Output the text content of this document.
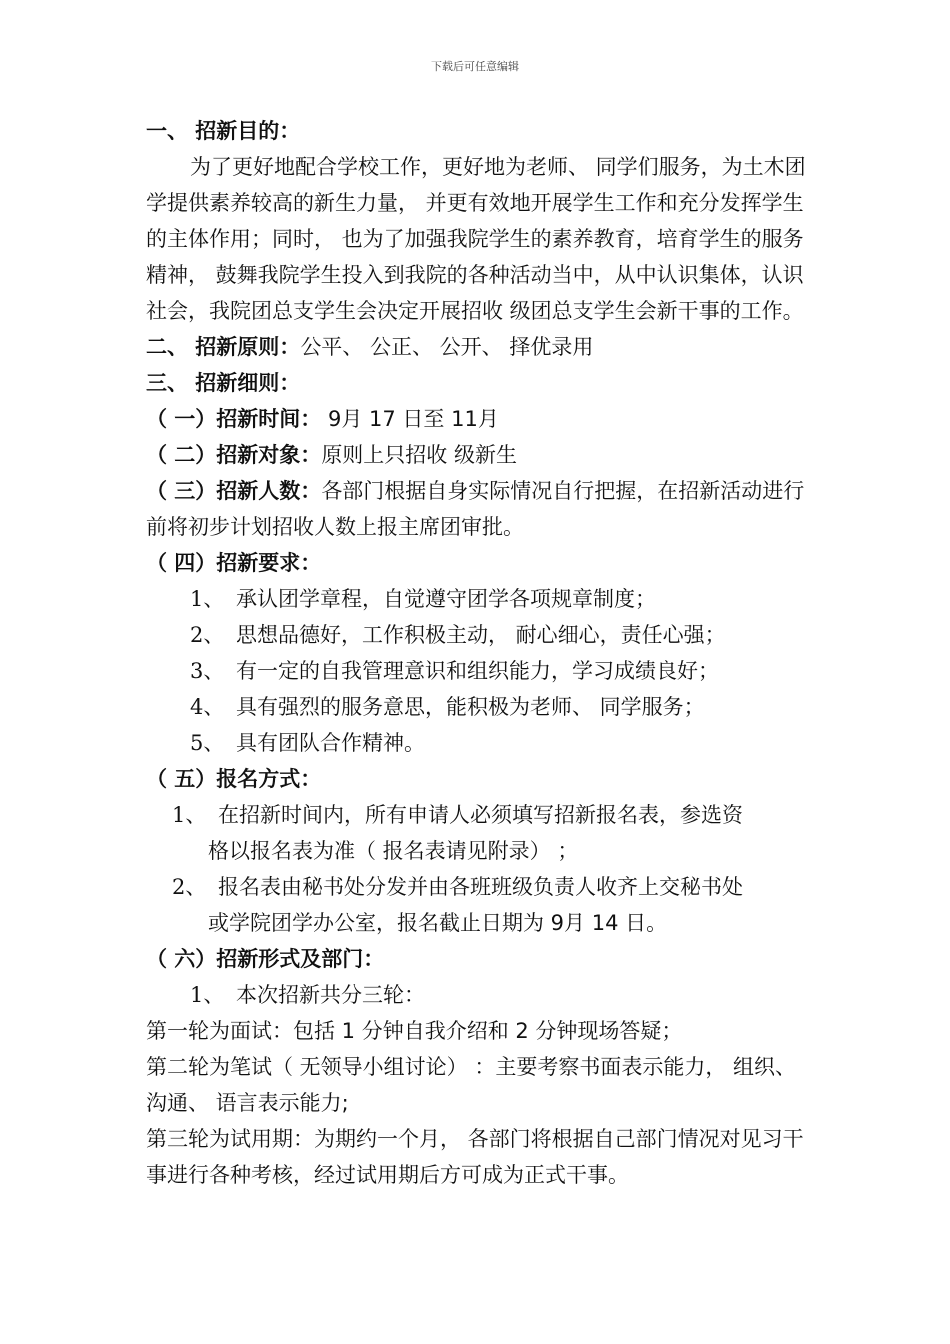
下载后可任意编辑

一、 招新目的：

为了更好地配合学校工作，更好地为老师、 同学们服务，为土木团学提供素养较高的新生力量， 并更有效地开展学生工作和充分发挥学生的主体作用；同时， 也为了加强我院学生的素养教育，培育学生的服务精神， 鼓舞我院学生投入到我院的各种活动当中，从中认识集体，认识社会，我院团总支学生会决定开展招收 级团总支学生会新干事的工作。

二、 招新原则：公平、 公正、 公开、 择优录用

三、 招新细则：

（ 一）招新时间： 9月 17 日至 11月

（ 二）招新对象：原则上只招收 级新生

（ 三）招新人数：各部门根据自身实际情况自行把握，在招新活动进行前将初步计划招收人数上报主席团审批。

（ 四）招新要求：

1、 承认团学章程，自觉遵守团学各项规章制度；

2、 思想品德好，工作积极主动， 耐心细心，责任心强；

3、 有一定的自我管理意识和组织能力，学习成绩良好；

4、 具有强烈的服务意思，能积极为老师、 同学服务；

5、 具有团队合作精神。

（ 五）报名方式：

1、 在招新时间内，所有申请人必须填写招新报名表，参选资

格以报名表为准（ 报名表请见附录） ；

2、 报名表由秘书处分发并由各班班级负责人收齐上交秘书处

或学院团学办公室，报名截止日期为 9月 14 日。

（ 六）招新形式及部门：

1、 本次招新共分三轮：

第一轮为面试：包括 1 分钟自我介绍和 2 分钟现场答疑；

第二轮为笔试（ 无领导小组讨论） ：主要考察书面表示能力， 组织、 沟通、 语言表示能力;

第三轮为试用期：为期约一个月， 各部门将根据自己部门情况对见习干事进行各种考核，经过试用期后方可成为正式干事。
